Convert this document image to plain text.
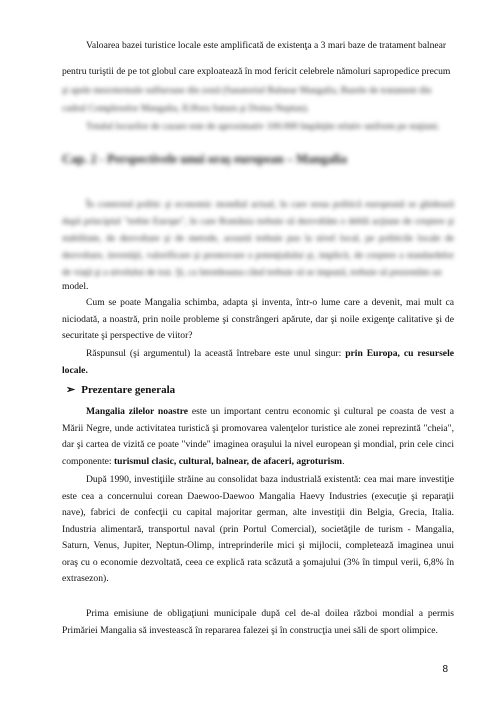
Valoarea bazei turistice locale este amplificată de existenţa a 3 mari baze de tratament balnear

pentru turiştii de pe tot globul care exploatează în mod fericit celebrele nămoluri sapropedice precum

şi apele mezotermale sulfuroase din zonă (Sanatoriul Balnear Mangalia, Bazele de tratament din

cadrul Complexelor Mangalia, II.Hora Saturn şi Doina-Neptun).

Totalul locurilor de cazare este de aproximativ 100.000 împărţite relativ uniform pe staţiuni.

Cap. 2 - Perspectivele unui oraş european – Mangalia

În contextul politic şi economic mondial actual, în care noua politică europeană se ghidează după principiul "trebie Europe", în care România trebuie să dezvoltăm o deblă acţiune de creştere şi stabilitate, de dezvoltare şi de metode, această trebuie pus la nivel local, pe politicile locale de dezvoltare, investiţii, valorificare şi promovare a potenţialului şi, implicit, de creştere a standardelor de viaţă şi a nivelului de trai. Şi, ca întotdeauna când trebuie să se impună, trebuie să prezentăm un

model.

Cum se poate Mangalia schimba, adapta şi inventa, într-o lume care a devenit, mai mult ca niciodată, a noastră, prin noile probleme şi constrângeri apărute, dar şi noile exigenţe calitative şi de securitate şi perspective de viitor?

Răspunsul (şi argumentul) la această întrebare este unul singur: prin Europa, cu resursele locale.

➢ Prezentare generala

Mangalia zilelor noastre este un important centru economic şi cultural pe coasta de vest a Mării Negre, unde activitatea turistică şi promovarea valenţelor turistice ale zonei reprezintă "cheia", dar şi cartea de vizită ce poate "vinde" imaginea oraşului la nivel european şi mondial, prin cele cinci componente: turismul clasic, cultural, balnear, de afaceri, agroturism.

După 1990, investiţiile străine au consolidat baza industrială existentă: cea mai mare investiţie este cea a concernului corean Daewoo-Daewoo Mangalia Haevy Industries (execuţie şi reparaţii nave), fabrici de confecţii cu capital majoritar german, alte investiţii din Belgia, Grecia, Italia. Industria alimentară, transportul naval (prin Portul Comercial), societăţile de turism - Mangalia, Saturn, Venus, Jupiter, Neptun-Olimp, intreprinderile mici şi mijlocii, completează imaginea unui oraş cu o economie dezvoltată, ceea ce explică rata scăzută a şomajului (3% în timpul verii, 6,8% în extrasezon).

Prima emisiune de obligaţiuni municipale după cel de-al doilea război mondial a permis Primăriei Mangalia să investească în repararea falezei şi în construcţia unei săli de sport olimpice.

8
